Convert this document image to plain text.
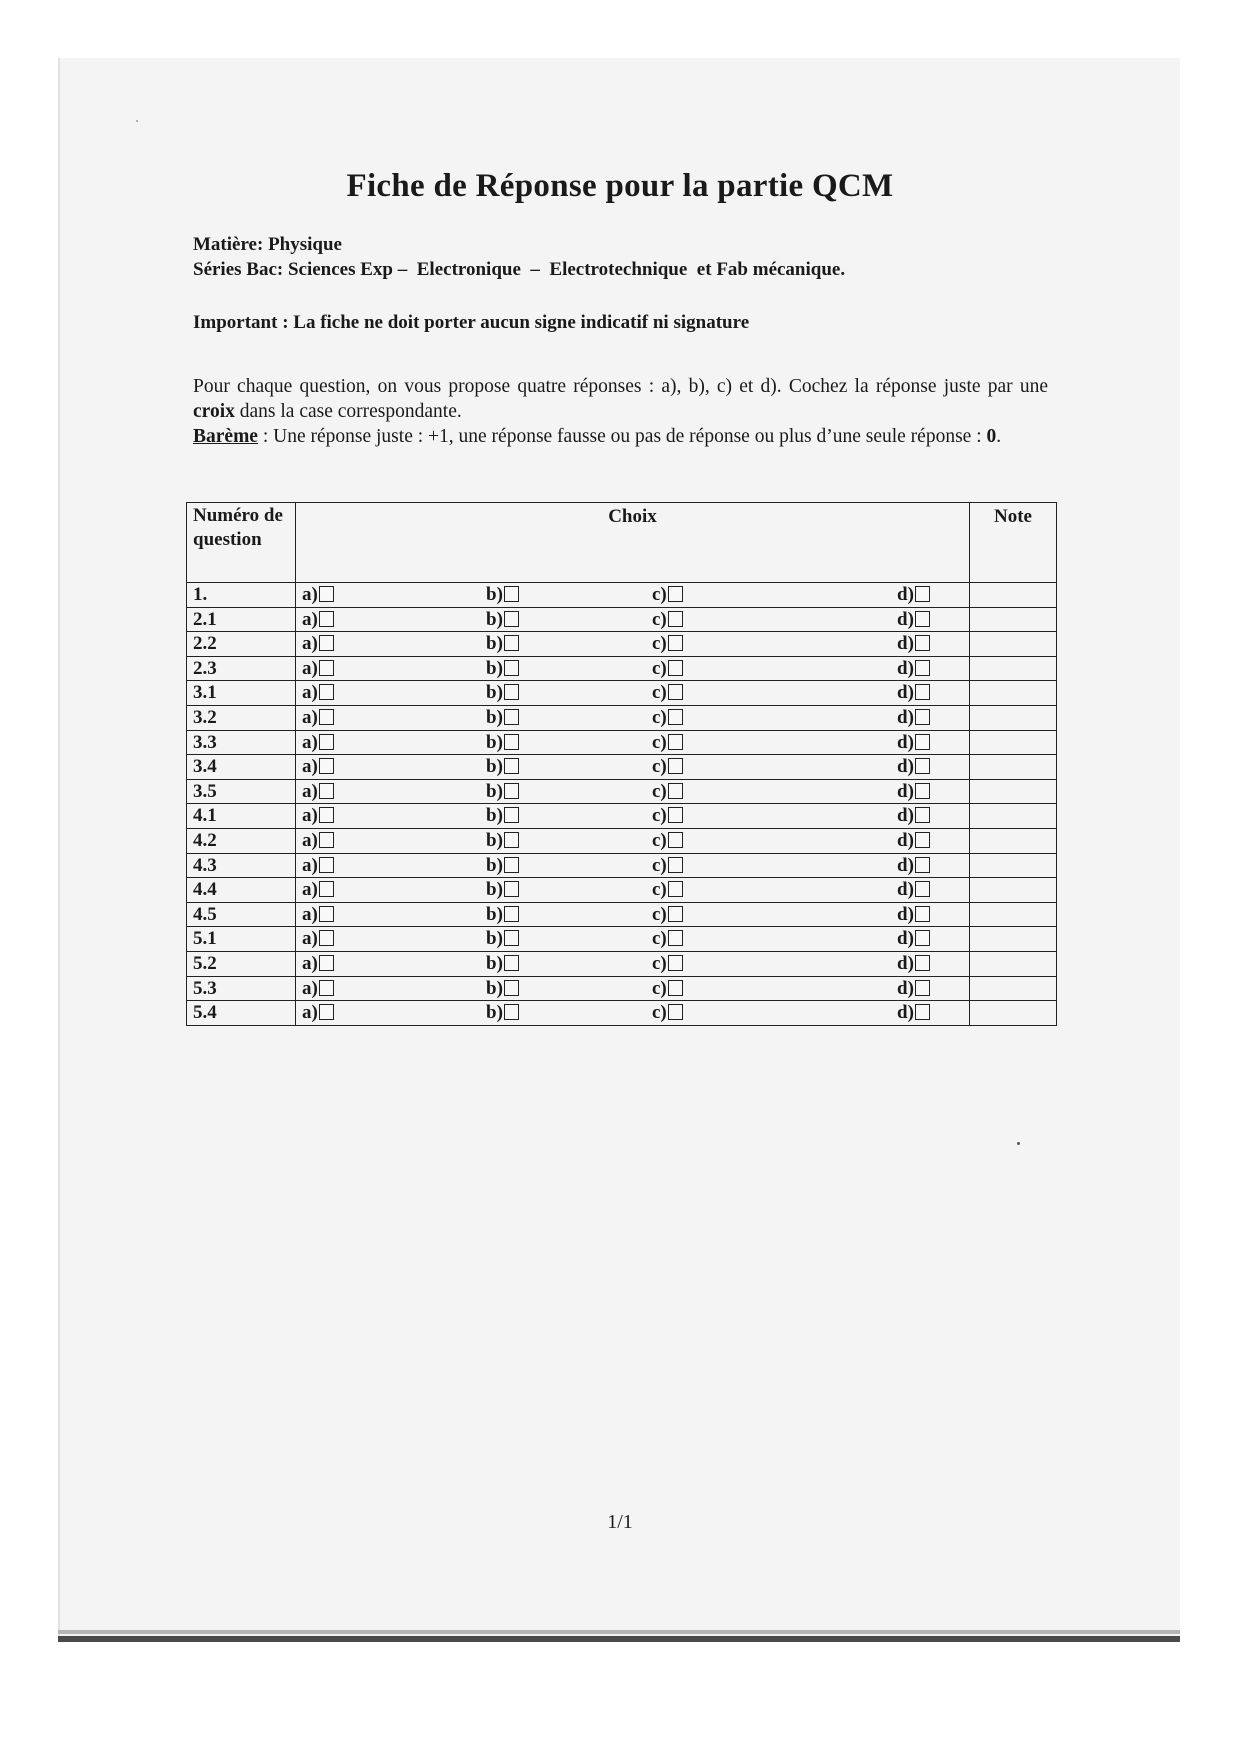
Fiche de Réponse pour la partie QCM
Matière: Physique
Séries Bac: Sciences Exp –  Electronique  –  Electrotechnique  et Fab mécanique.
Important : La fiche ne doit porter aucun signe indicatif ni signature
Pour chaque question, on vous propose quatre réponses : a), b), c) et d). Cochez la réponse juste par une croix dans la case correspondante.
Barème : Une réponse juste : +1, une réponse fausse ou pas de réponse ou plus d’une seule réponse : 0.
Numéro de question	Choix	Note
1.	a) b) c) d)	

2.1	a) b) c) d)	

2.2	a) b) c) d)	

2.3	a) b) c) d)	

3.1	a) b) c) d)	

3.2	a) b) c) d)	

3.3	a) b) c) d)	

3.4	a) b) c) d)	

3.5	a) b) c) d)	

4.1	a) b) c) d)	

4.2	a) b) c) d)	

4.3	a) b) c) d)	

4.4	a) b) c) d)	

4.5	a) b) c) d)	

5.1	a) b) c) d)	

5.2	a) b) c) d)	

5.3	a) b) c) d)	

5.4	a) b) c) d)	

1/1
